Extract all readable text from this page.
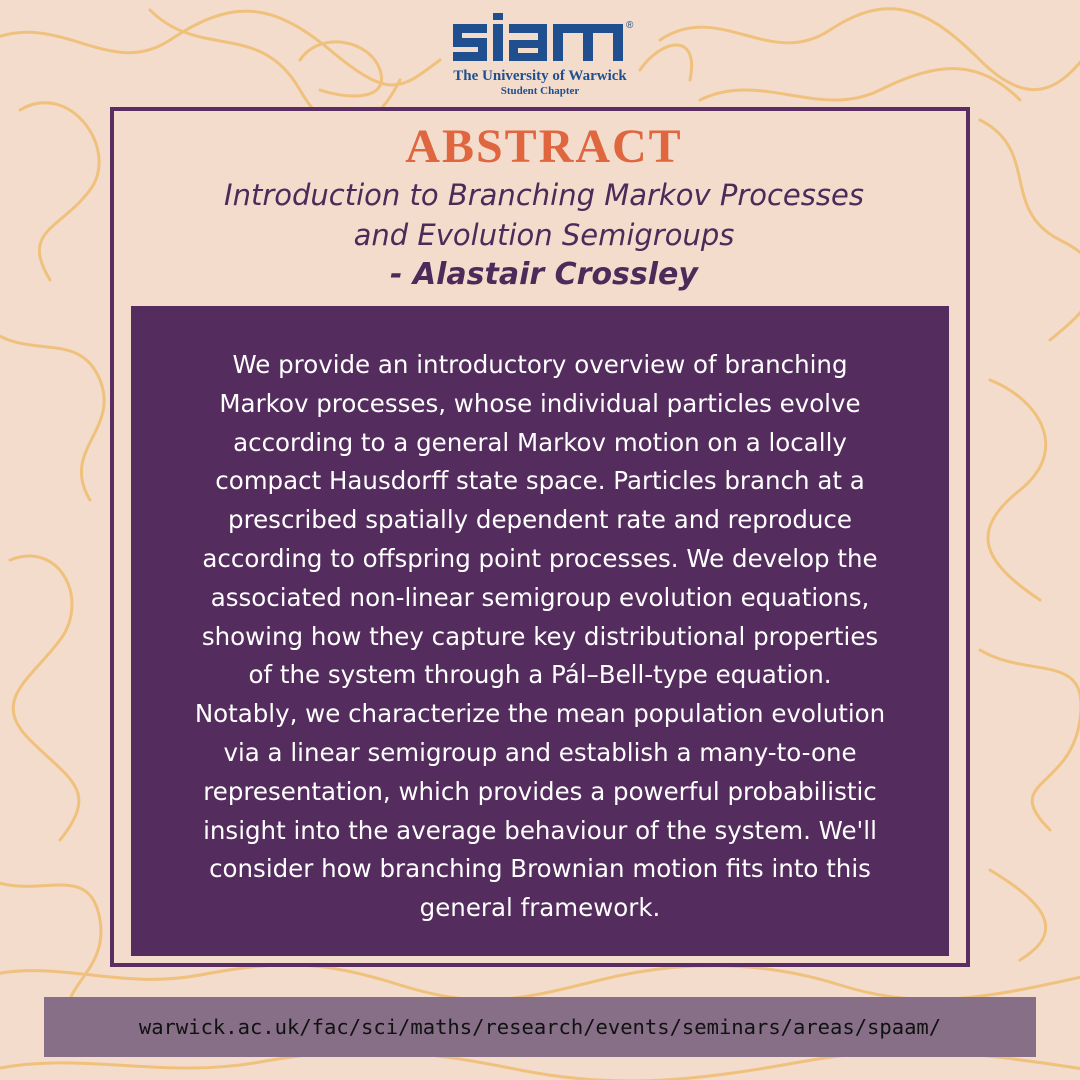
®
The University of Warwick
Student Chapter
ABSTRACT
Introduction to Branching Markov Processes
and Evolution Semigroups
- Alastair Crossley
We provide an introductory overview of branching
Markov processes, whose individual particles evolve
according to a general Markov motion on a locally
compact Hausdorff state space. Particles branch at a
prescribed spatially dependent rate and reproduce
according to offspring point processes. We develop the
associated non-linear semigroup evolution equations,
showing how they capture key distributional properties
of the system through a Pál–Bell-type equation.
Notably, we characterize the mean population evolution
via a linear semigroup and establish a many-to-one
representation, which provides a powerful probabilistic
insight into the average behaviour of the system. We'll
consider how branching Brownian motion fits into this
general framework.
warwick.ac.uk/fac/sci/maths/research/events/seminars/areas/spaam/
